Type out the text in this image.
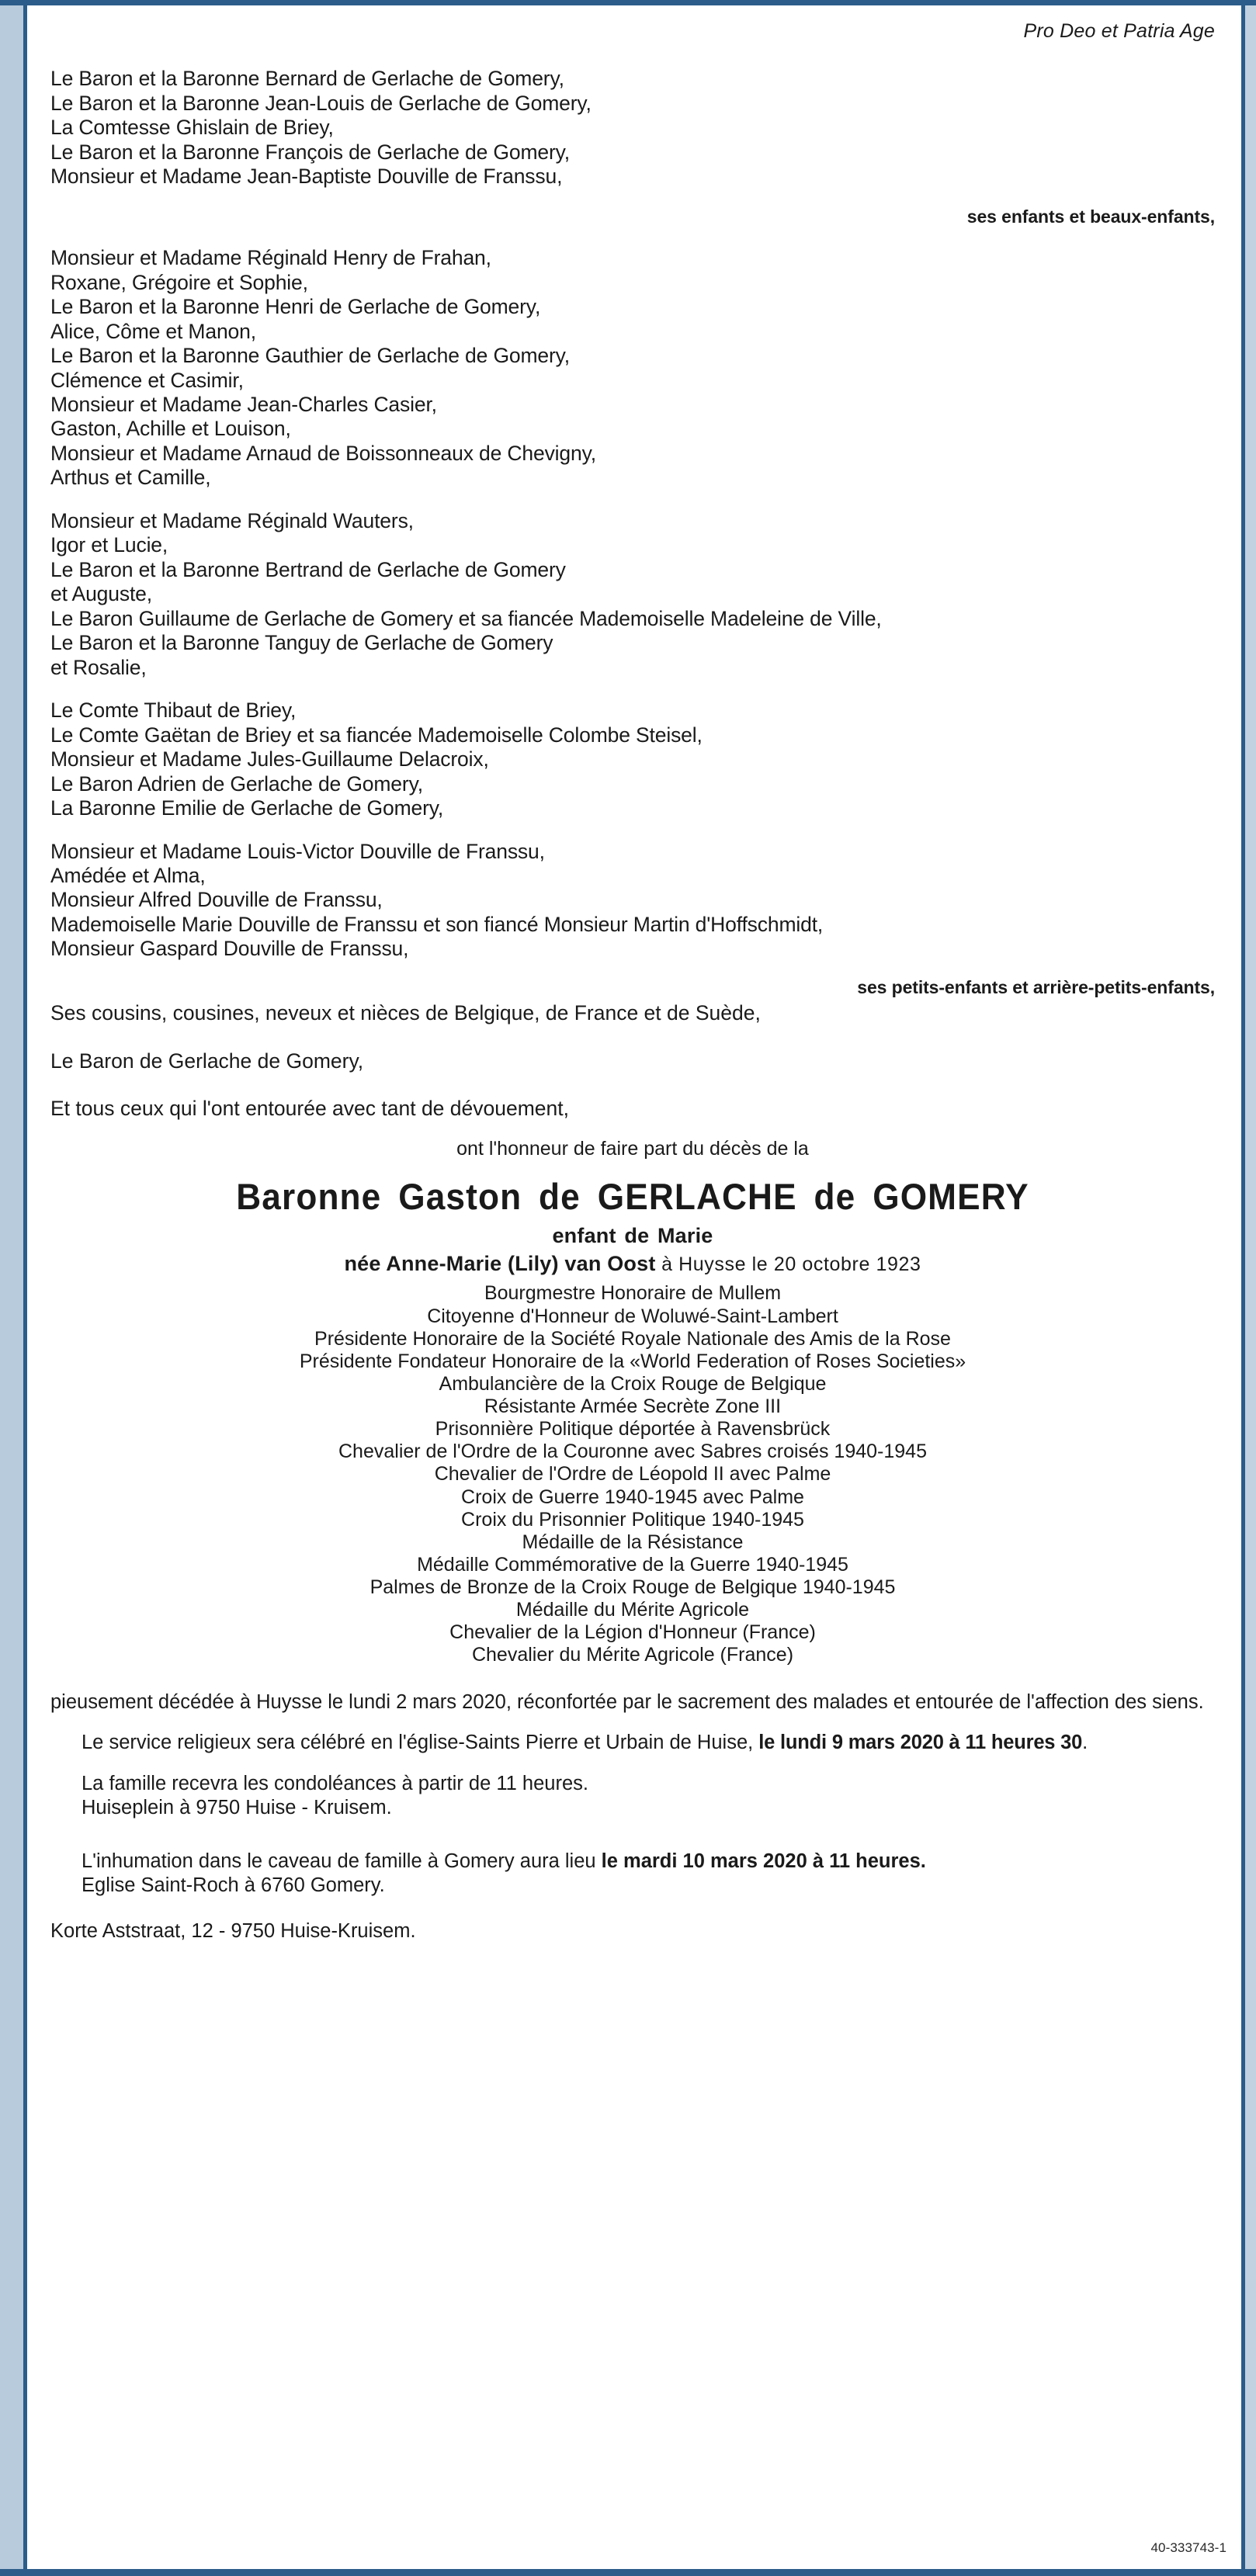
Pro Deo et Patria Age
Le Baron et la Baronne Bernard de Gerlache de Gomery,
Le Baron et la Baronne Jean-Louis de Gerlache de Gomery,
La Comtesse Ghislain de Briey,
Le Baron et la Baronne François de Gerlache de Gomery,
Monsieur et Madame Jean-Baptiste Douville de Franssu,
ses enfants et beaux-enfants,
Monsieur et Madame Réginald Henry de Frahan,
Roxane, Grégoire et Sophie,
Le Baron et la Baronne Henri de Gerlache de Gomery,
Alice, Côme et Manon,
Le Baron et la Baronne Gauthier de Gerlache de Gomery,
Clémence et Casimir,
Monsieur et Madame Jean-Charles Casier,
Gaston, Achille et Louison,
Monsieur et Madame Arnaud de Boissonneaux de Chevigny,
Arthus et Camille,
Monsieur et Madame Réginald Wauters,
Igor et Lucie,
Le Baron et la Baronne Bertrand de Gerlache de Gomery
et Auguste,
Le Baron Guillaume de Gerlache de Gomery et sa fiancée Mademoiselle Madeleine de Ville,
Le Baron et la Baronne Tanguy de Gerlache de Gomery
et Rosalie,
Le Comte Thibaut de Briey,
Le Comte Gaëtan de Briey et sa fiancée Mademoiselle Colombe Steisel,
Monsieur et Madame Jules-Guillaume Delacroix,
Le Baron Adrien de Gerlache de Gomery,
La Baronne Emilie de Gerlache de Gomery,
Monsieur et Madame Louis-Victor Douville de Franssu,
Amédée et Alma,
Monsieur Alfred Douville de Franssu,
Mademoiselle Marie Douville de Franssu et son fiancé Monsieur Martin d'Hoffschmidt,
Monsieur Gaspard Douville de Franssu,
ses petits-enfants et arrière-petits-enfants,
Ses cousins, cousines, neveux et nièces de Belgique, de France et de Suède,
Le Baron de Gerlache de Gomery,
Et tous ceux qui l'ont entourée avec tant de dévouement,
ont l'honneur de faire part du décès de la
Baronne Gaston de GERLACHE de GOMERY
enfant de Marie
née Anne-Marie (Lily) van Oost à Huysse le 20 octobre 1923
Bourgmestre Honoraire de Mullem
Citoyenne d'Honneur de Woluwé-Saint-Lambert
Présidente Honoraire de la Société Royale Nationale des Amis de la Rose
Présidente Fondateur Honoraire de la «World Federation of Roses Societies»
Ambulancière de la Croix Rouge de Belgique
Résistante Armée Secrète Zone III
Prisonnière Politique déportée à Ravensbrück
Chevalier de l'Ordre de la Couronne avec Sabres croisés 1940-1945
Chevalier de l'Ordre de Léopold II avec Palme
Croix de Guerre 1940-1945 avec Palme
Croix du Prisonnier Politique 1940-1945
Médaille de la Résistance
Médaille Commémorative de la Guerre 1940-1945
Palmes de Bronze de la Croix Rouge de Belgique 1940-1945
Médaille du Mérite Agricole
Chevalier de la Légion d'Honneur (France)
Chevalier du Mérite Agricole (France)
pieusement décédée à Huysse le lundi 2 mars 2020, réconfortée par le sacrement des malades et entourée de l'affection des siens.
Le service religieux sera célébré en l'église-Saints Pierre et Urbain de Huise, le lundi 9 mars 2020 à 11 heures 30.
La famille recevra les condoléances à partir de 11 heures.
Huiseplein à 9750 Huise - Kruisem.
L'inhumation dans le caveau de famille à Gomery aura lieu le mardi 10 mars 2020 à 11 heures.
Eglise Saint-Roch à 6760 Gomery.
Korte Aststraat, 12 - 9750 Huise-Kruisem.
40-333743-1
